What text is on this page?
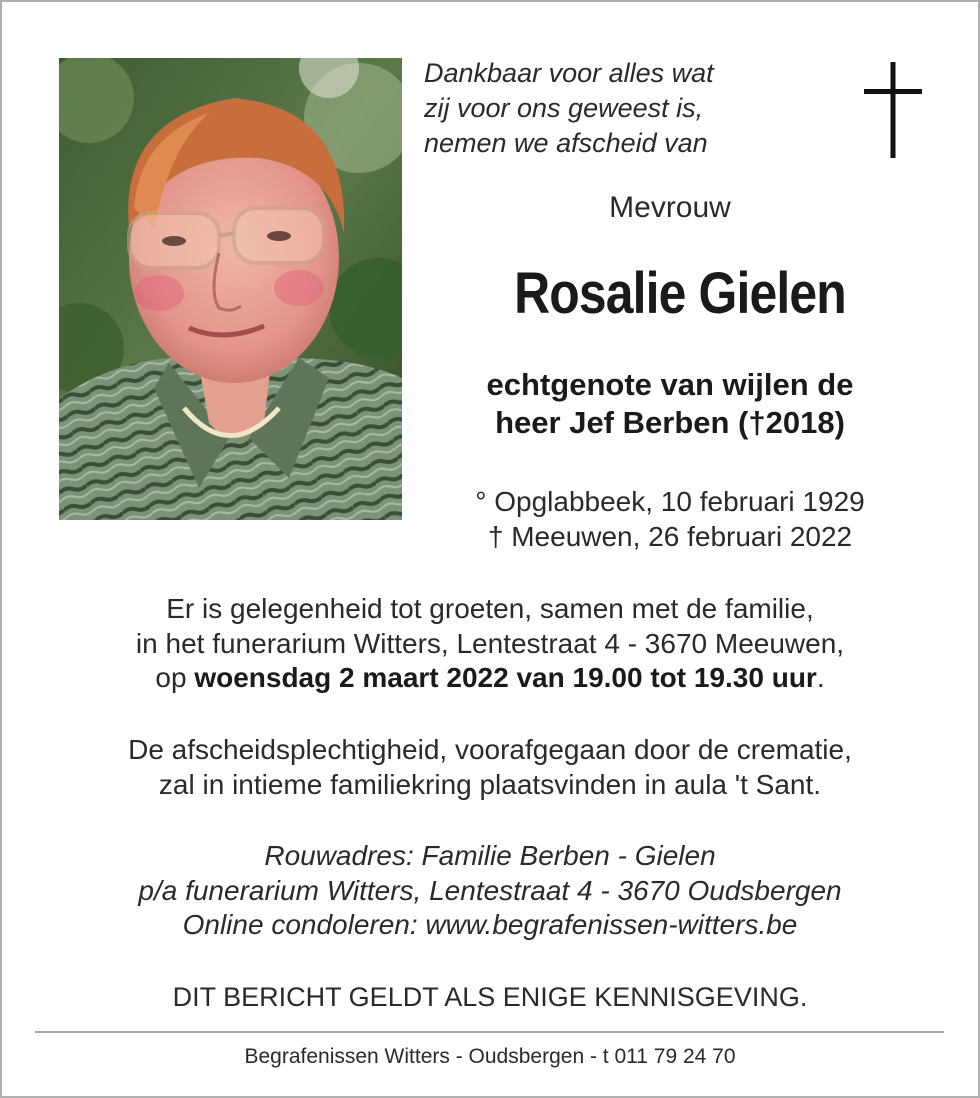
Dankbaar voor alles wat
zij voor ons geweest is,
nemen we afscheid van
Mevrouw
Rosalie Gielen
echtgenote van wijlen de
heer Jef Berben (†2018)
° Opglabbeek, 10 februari 1929
† Meeuwen, 26 februari 2022
Er is gelegenheid tot groeten, samen met de familie,
in het funerarium Witters, Lentestraat 4 - 3670 Meeuwen,
op woensdag 2 maart 2022 van 19.00 tot 19.30 uur.
De afscheidsplechtigheid, voorafgegaan door de crematie,
zal in intieme familiekring plaatsvinden in aula 't Sant.
Rouwadres: Familie Berben - Gielen
p/a funerarium Witters, Lentestraat 4 - 3670 Oudsbergen
Online condoleren: www.begrafenissen-witters.be
DIT BERICHT GELDT ALS ENIGE KENNISGEVING.
Begrafenissen Witters - Oudsbergen - t 011 79 24 70
